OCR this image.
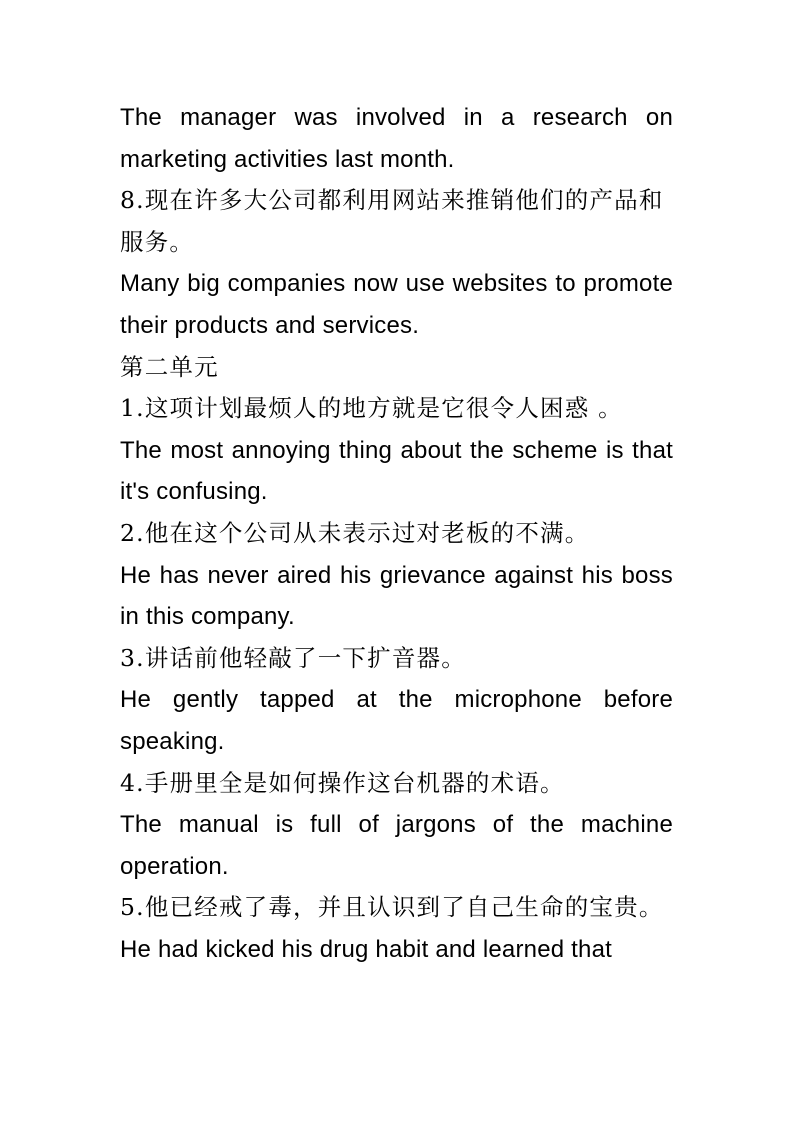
The manager was involved in a research on marketing activities last month.

8.现在许多大公司都利用网站来推销他们的产品和服务。

Many big companies now use websites to promote their products and services.

第二单元

1.这项计划最烦人的地方就是它很令人困惑 。

The most annoying thing about the scheme is that it's confusing.

2.他在这个公司从未表示过对老板的不满。

He has never aired his grievance against his boss in this company.

3.讲话前他轻敲了一下扩音器。

He gently tapped at the microphone before speaking.

4.手册里全是如何操作这台机器的术语。

The manual is full of jargons of the machine operation.

5.他已经戒了毒，并且认识到了自己生命的宝贵。

He had kicked his drug habit and learned that
